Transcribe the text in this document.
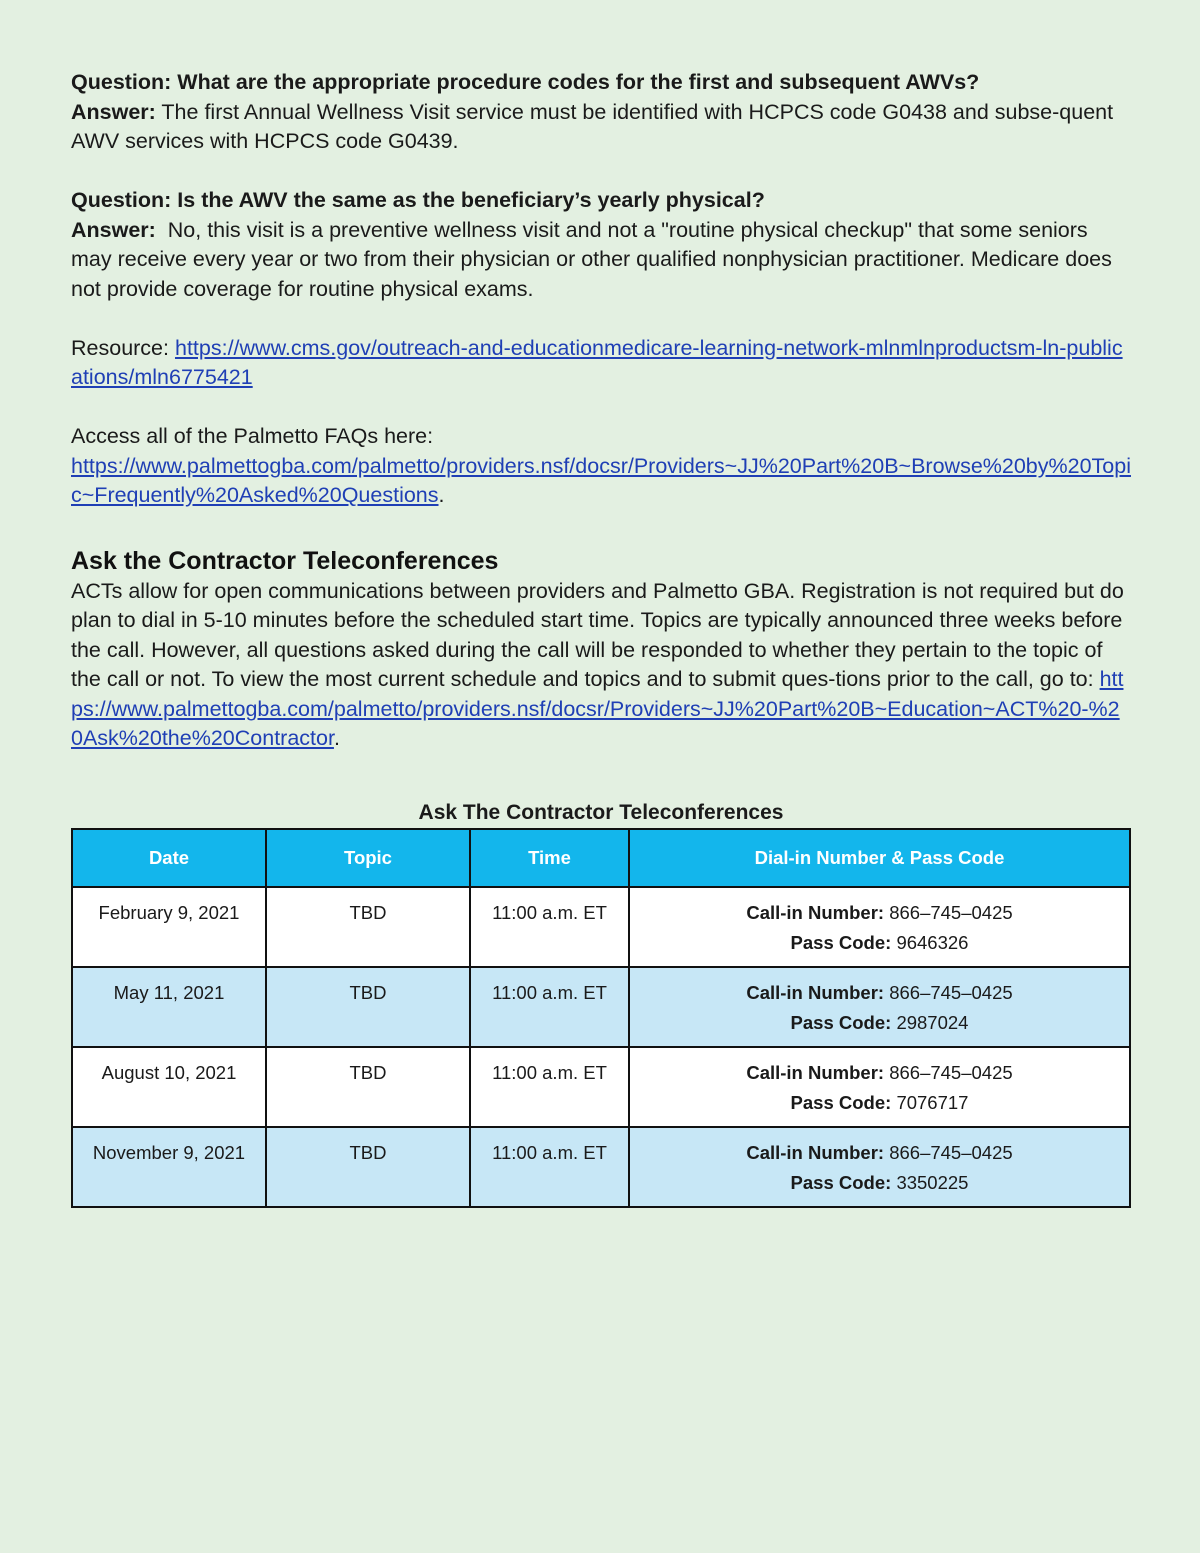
Question: What are the appropriate procedure codes for the first and subsequent AWVs?

Answer: The first Annual Wellness Visit service must be identified with HCPCS code G0438 and subse-quent AWV services with HCPCS code G0439.

Question: Is the AWV the same as the beneficiary’s yearly physical?

Answer: No, this visit is a preventive wellness visit and not a "routine physical checkup" that some seniors may receive every year or two from their physician or other qualified nonphysician practitioner. Medicare does not provide coverage for routine physical exams.

Resource: https://www.cms.gov/outreach-and-educationmedicare-learning-network-mlnmlnproductsm-ln-publications/mln6775421

Access all of the Palmetto FAQs here:

https://www.palmettogba.com/palmetto/providers.nsf/docsr/Providers~JJ%20Part%20B~Browse%20by%20Topic~Frequently%20Asked%20Questions.

Ask the Contractor Teleconferences

ACTs allow for open communications between providers and Palmetto GBA. Registration is not required but do plan to dial in 5-10 minutes before the scheduled start time. Topics are typically announced three weeks before the call. However, all questions asked during the call will be responded to whether they pertain to the topic of the call or not. To view the most current schedule and topics and to submit ques-tions prior to the call, go to: https://www.palmettogba.com/palmetto/providers.nsf/docsr/Providers~JJ%20Part%20B~Education~ACT%20-%20Ask%20the%20Contractor.

Ask The Contractor Teleconferences
Date	Topic	Time	Dial-in Number & Pass Code
February 9, 2021	TBD	11:00 a.m. ET	Call-in Number: 866–745–0425
Pass Code: 9646326

May 11, 2021	TBD	11:00 a.m. ET	Call-in Number: 866–745–0425
Pass Code: 2987024

August 10, 2021	TBD	11:00 a.m. ET	Call-in Number: 866–745–0425
Pass Code: 7076717

November 9, 2021	TBD	11:00 a.m. ET	Call-in Number: 866–745–0425
Pass Code: 3350225
